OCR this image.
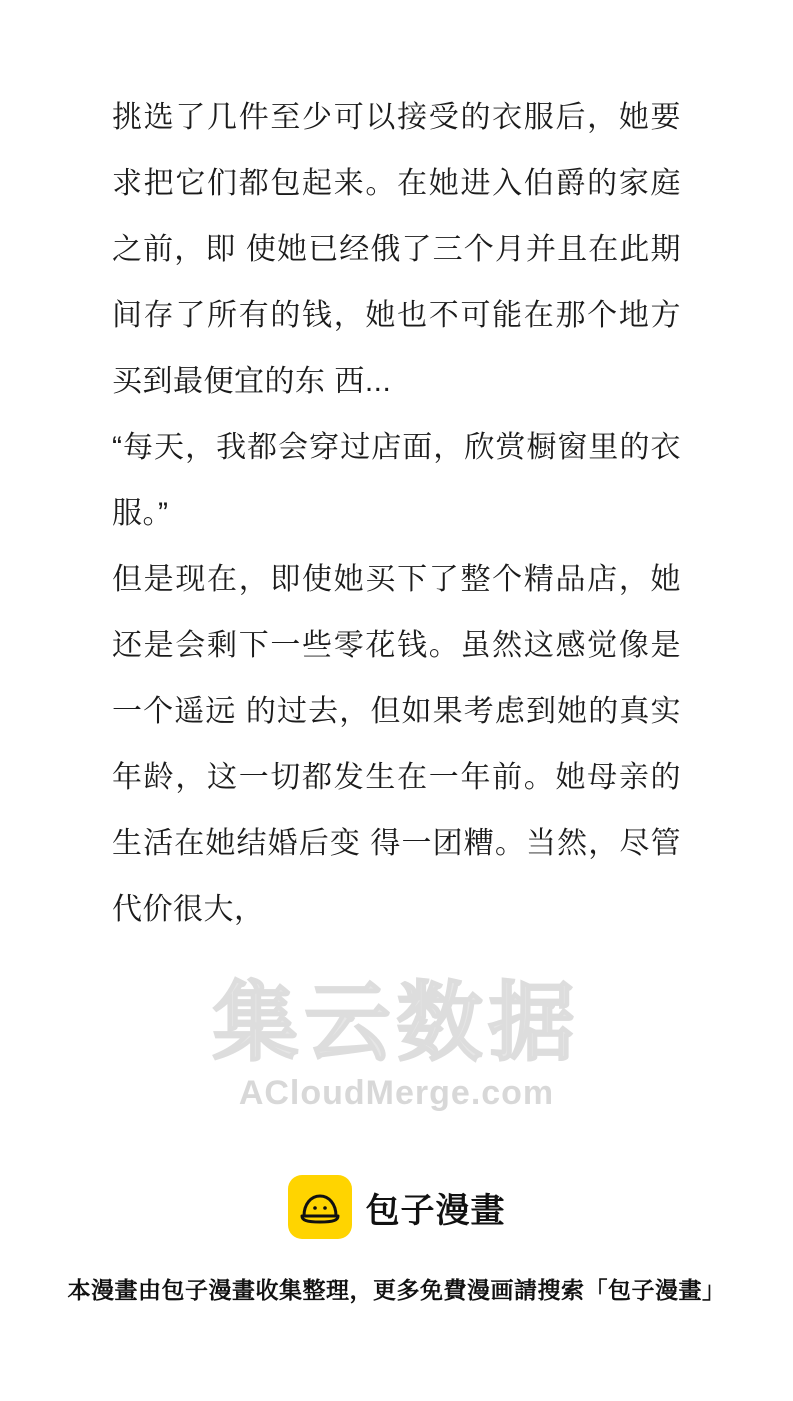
挑选了几件至少可以接受的衣服后，她要求把它们都包起来。在她进入伯爵的家庭之前，即 使她已经俄了三个月并且在此期间存了所有的钱，她也不可能在那个地方买到最便宜的东 西...

“每天，我都会穿过店面，欣赏橱窗里的衣服。”

但是现在，即使她买下了整个精品店，她还是会剩下一些零花钱。虽然这感觉像是一个遥远 的过去，但如果考虑到她的真实年龄，这一切都发生在一年前。她母亲的生活在她结婚后变 得一团糟。当然，尽管代价很大，

集云数据
ACloudMerge.com
包子漫畫
本漫畫由包子漫畫收集整理，更多免費漫画請搜索「包子漫畫」
